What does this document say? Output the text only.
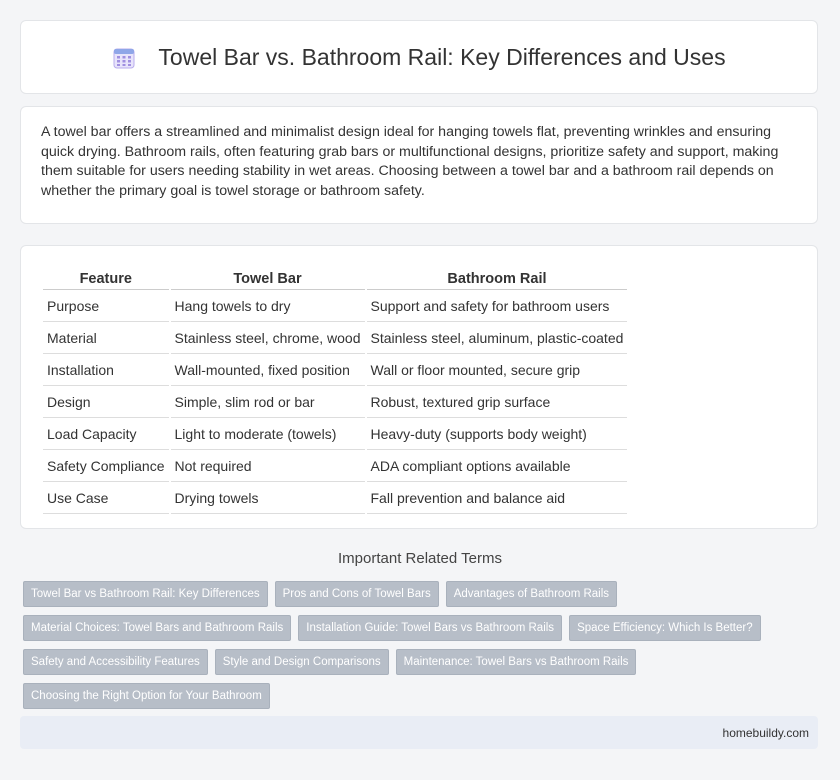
Towel Bar vs. Bathroom Rail: Key Differences and Uses

A towel bar offers a streamlined and minimalist design ideal for hanging towels flat, preventing wrinkles and ensuring quick drying. Bathroom rails, often featuring grab bars or multifunctional designs, prioritize safety and support, making them suitable for users needing stability in wet areas. Choosing between a towel bar and a bathroom rail depends on whether the primary goal is towel storage or bathroom safety.

Feature	Towel Bar	Bathroom Rail
Purpose	Hang towels to dry	Support and safety for bathroom users
Material	Stainless steel, chrome, wood	Stainless steel, aluminum, plastic-coated
Installation	Wall-mounted, fixed position	Wall or floor mounted, secure grip
Design	Simple, slim rod or bar	Robust, textured grip surface
Load Capacity	Light to moderate (towels)	Heavy-duty (supports body weight)
Safety Compliance	Not required	ADA compliant options available
Use Case	Drying towels	Fall prevention and balance aid
Important Related Terms
Towel Bar vs Bathroom Rail: Key Differences	Pros and Cons of Towel Bars	Advantages of Bathroom Rails
Material Choices: Towel Bars and Bathroom Rails	Installation Guide: Towel Bars vs Bathroom Rails	Space Efficiency: Which Is Better?
Safety and Accessibility Features	Style and Design Comparisons	Maintenance: Towel Bars vs Bathroom Rails
Choosing the Right Option for Your Bathroom
homebuildy.com
